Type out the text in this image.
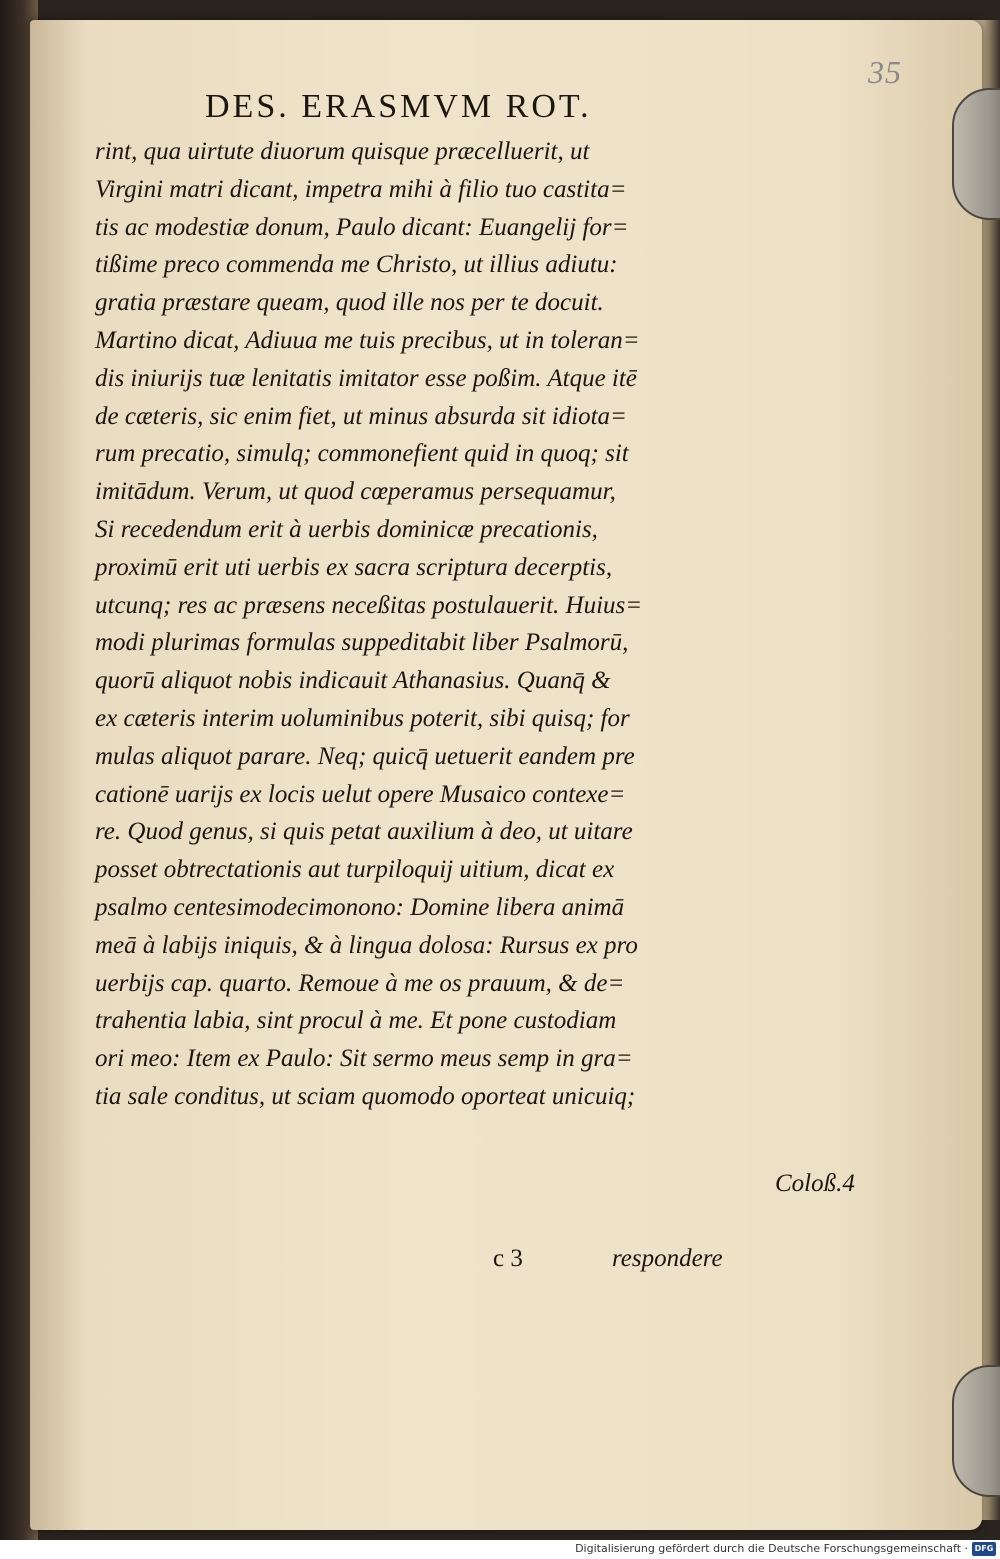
35
DES. ERASMVM ROT.
rint, qua uirtute diuorum quisque præcelluerit, ut
Virgini matri dicant, impetra mihi à filio tuo castita=
tis ac modestiæ donum, Paulo dicant: Euangelij for=
tißime preco commenda me Christo, ut illius adiutu:
gratia præstare queam, quod ille nos per te docuit.
Martino dicat, Adiuua me tuis precibus, ut in toleran=
dis iniurijs tuæ lenitatis imitator esse poßim. Atque itē
de cæteris, sic enim fiet, ut minus absurda sit idiota=
rum precatio, simulq; commonefient quid in quoq; sit
imitādum. Verum, ut quod cœperamus persequamur,
Si recedendum erit à uerbis dominicæ precationis,
proximū erit uti uerbis ex sacra scriptura decerptis,
utcunq; res ac præsens neceßitas postulauerit. Huius=
modi plurimas formulas suppeditabit liber Psalmorū,
quorū aliquot nobis indicauit Athanasius. Quanq̄ &
ex cæteris interim uoluminibus poterit, sibi quisq; for
mulas aliquot parare. Neq; quicq̄ uetuerit eandem pre
cationē uarijs ex locis uelut opere Musaico contexe=
re. Quod genus, si quis petat auxilium à deo, ut uitare
posset obtrectationis aut turpiloquij uitium, dicat ex
psalmo centesimodecimonono: Domine libera animā
meā à labijs iniquis, & à lingua dolosa: Rursus ex pro
uerbijs cap. quarto. Remoue à me os prauum, & de=
trahentia labia, sint procul à me. Et pone custodiam
ori meo: Item ex Paulo: Sit sermo meus semp in gra=
tia sale conditus, ut sciam quomodo oporteat unicuiq;
Coloß.4
c 3	respondere
Digitalisierung gefördert durch die Deutsche Forschungsgemeinschaft · DFG
